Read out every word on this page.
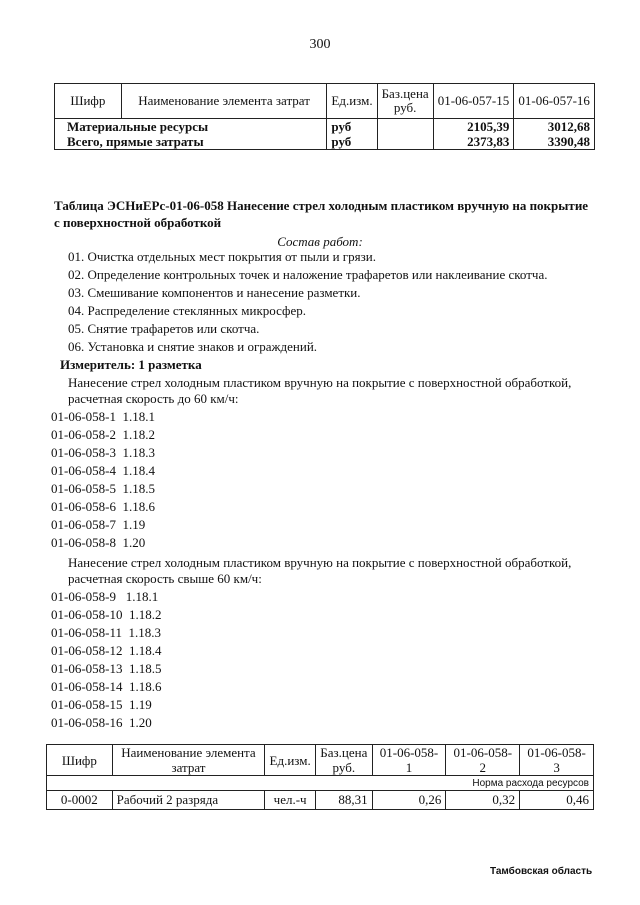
300
Шифр	Наименование элемента затрат	Ед.изм.	Баз.цена руб.	01-06-057-15	01-06-057-16
Материальные ресурсы		руб		2105,39	3012,68
Всего, прямые затраты		руб		2373,83	3390,48
Таблица ЭСНиЕРс-01-06-058 Нанесение стрел холодным пластиком вручную на покрытие с поверхностной обработкой
Состав работ:
01. Очистка отдельных мест покрытия от пыли и грязи.
02. Определение контрольных точек и наложение трафаретов или наклеивание скотча.
03. Смешивание компонентов и нанесение разметки.
04. Распределение стеклянных микросфер.
05. Снятие трафаретов или скотча.
06. Установка и снятие знаков и ограждений.
Измеритель: 1 разметка
Нанесение стрел холодным пластиком вручную на покрытие с поверхностной обработкой, расчетная скорость до 60 км/ч:
01-06-058-1  1.18.1
01-06-058-2  1.18.2
01-06-058-3  1.18.3
01-06-058-4  1.18.4
01-06-058-5  1.18.5
01-06-058-6  1.18.6
01-06-058-7  1.19
01-06-058-8  1.20
Нанесение стрел холодным пластиком вручную на покрытие с поверхностной обработкой, расчетная скорость свыше 60 км/ч:
01-06-058-9   1.18.1
01-06-058-10  1.18.2
01-06-058-11  1.18.3
01-06-058-12  1.18.4
01-06-058-13  1.18.5
01-06-058-14  1.18.6
01-06-058-15  1.19
01-06-058-16  1.20
Шифр	Наименование элемента затрат	Ед.изм.	Баз.цена руб.	01-06-058-1	01-06-058-2	01-06-058-3
Норма расхода ресурсов						
0-0002	Рабочий 2 разряда	чел.-ч	88,31	0,26	0,32	0,46
Тамбовская область
